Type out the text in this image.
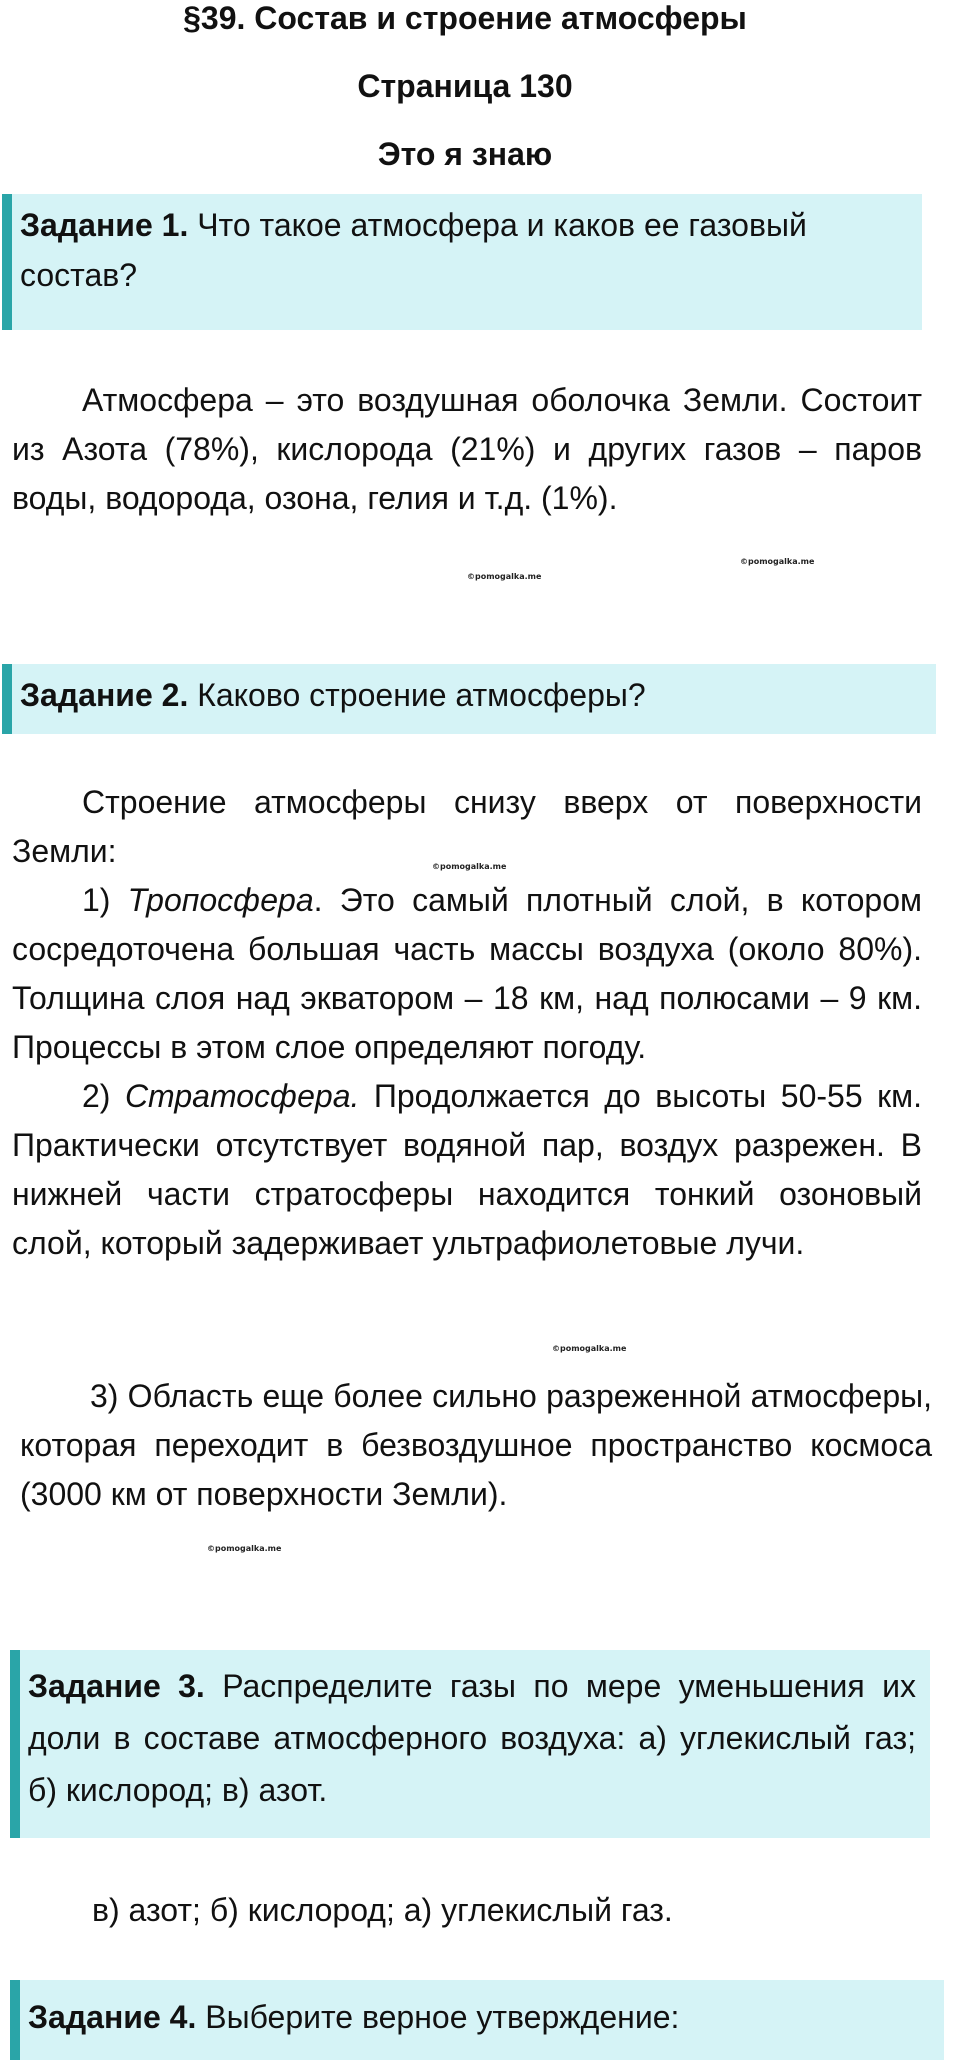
§39. Состав и строение атмосферы
Страница 130
Это я знаю
Задание 1. Что такое атмосфера и каков ее газовый состав?
Атмосфера – это воздушная оболочка Земли. Состоит из Азота (78%), кислорода (21%) и других газов – паров воды, водорода, озона, гелия и т.д. (1%).
©pomogalka.me
©pomogalka.me
Задание 2. Каково строение атмосферы?
Строение атмосферы снизу вверх от поверхности Земли:
1) Тропосфера. Это самый плотный слой, в котором сосредоточена большая часть массы воздуха (около 80%). Толщина слоя над экватором – 18 км, над полюсами – 9 км. Процессы в этом слое определяют погоду.
2) Стратосфера. Продолжается до высоты 50-55 км. Практически отсутствует водяной пар, воздух разрежен. В нижней части стратосферы находится тонкий озоновый слой, который задерживает ультрафиолетовые лучи.
3) Область еще более сильно разреженной атмосферы, которая переходит в безвоздушное пространство космоса (3000 км от поверхности Земли).
©pomogalka.me
©pomogalka.me
©pomogalka.me
Задание 3. Распределите газы по мере уменьшения их доли в составе атмосферного воздуха: а) углекислый газ; б) кислород; в) азот.
в) азот; б) кислород; а) углекислый газ.
Задание 4. Выберите верное утверждение:
